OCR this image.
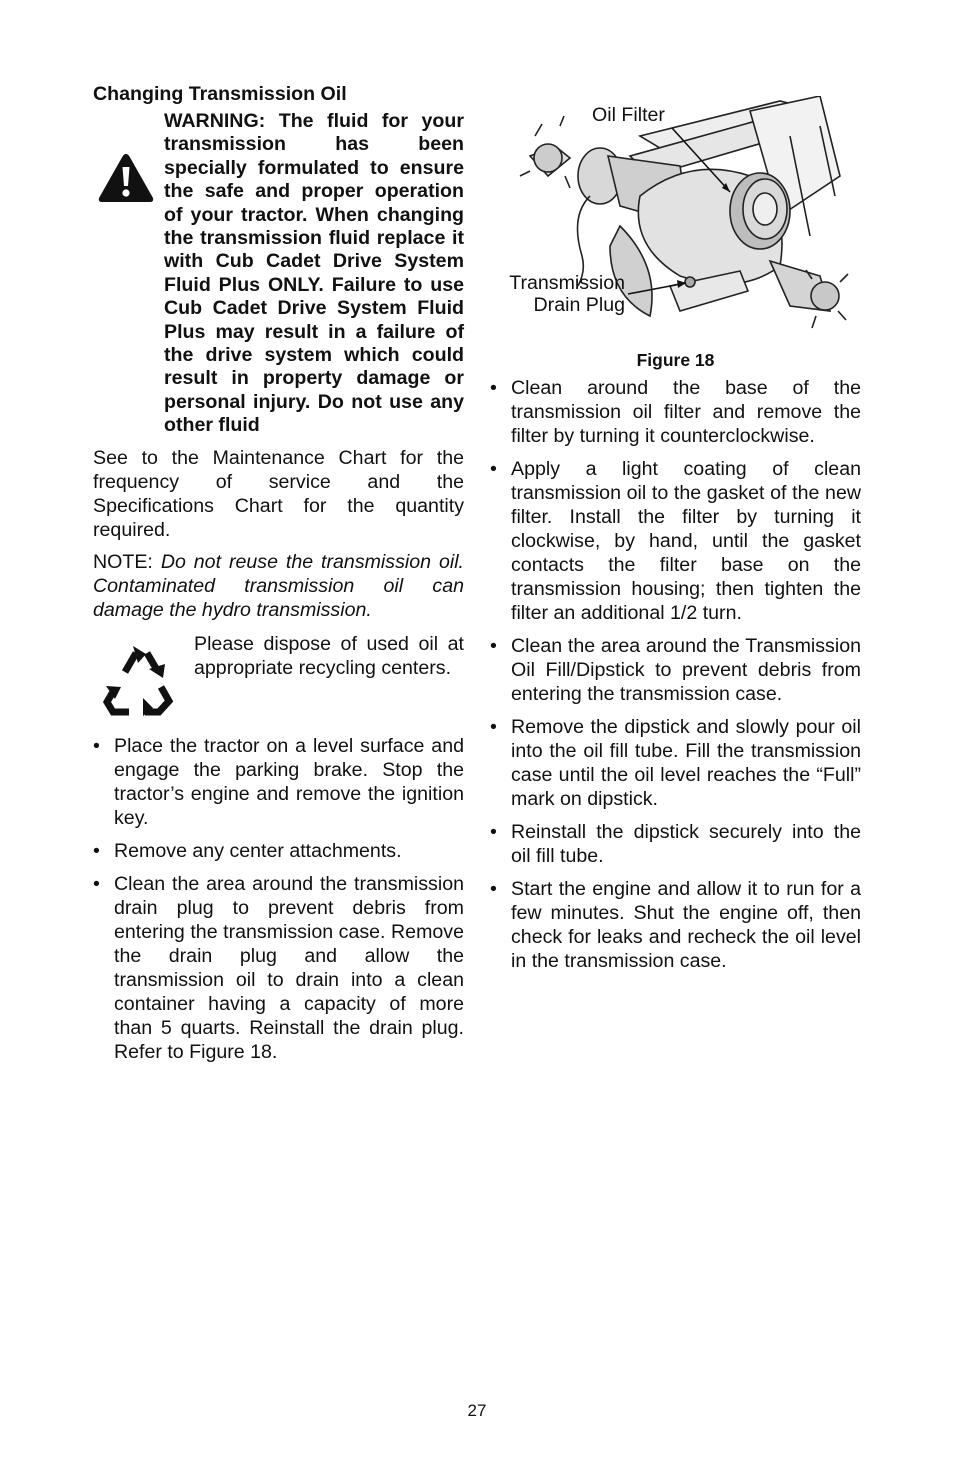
Changing Transmission Oil
WARNING: The fluid for your transmission has been specially formulated to ensure the safe and proper operation of your tractor. When changing the transmission fluid replace it with Cub Cadet Drive System Fluid Plus ONLY. Failure to use Cub Cadet Drive System Fluid Plus may result in a failure of the drive system which could result in property damage or personal injury. Do not use any other fluid

See to the Maintenance Chart for the frequency of service and the Specifications Chart for the quantity required.

NOTE: Do not reuse the transmission oil. Contaminated transmission oil can damage the hydro transmission.

Please dispose of used oil at appropriate recycling centers.
• Place the tractor on a level surface and engage the parking brake. Stop the tractor’s engine and remove the ignition key.
• Remove any center attachments.
• Clean the area around the transmission drain plug to prevent debris from entering the transmission case. Remove the drain plug and allow the transmission oil to drain into a clean container having a capacity of more than 5 quarts. Reinstall the drain plug. Refer to Figure 18.
Oil Filter
Transmission
Drain Plug
Figure 18
• Clean around the base of the transmission oil filter and remove the filter by turning it counterclockwise.
• Apply a light coating of clean transmission oil to the gasket of the new filter. Install the filter by turning it clockwise, by hand, until the gasket contacts the filter base on the transmission housing; then tighten the filter an additional 1/2 turn.
• Clean the area around the Transmission Oil Fill/Dipstick to prevent debris from entering the transmission case.
• Remove the dipstick and slowly pour oil into the oil fill tube. Fill the transmission case until the oil level reaches the “Full” mark on dipstick.
• Reinstall the dipstick securely into the oil fill tube.
• Start the engine and allow it to run for a few minutes. Shut the engine off, then check for leaks and recheck the oil level in the transmission case.
27
